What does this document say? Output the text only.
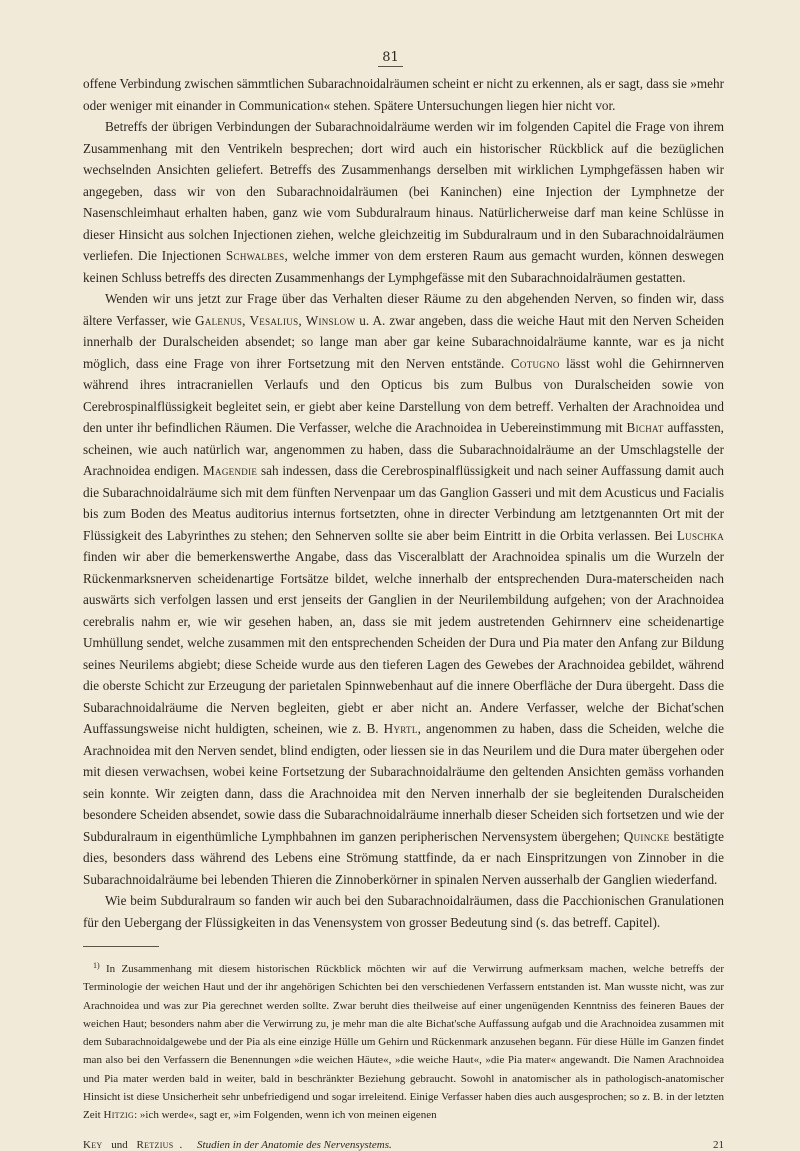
81

offene Verbindung zwischen sämmtlichen Subarachnoidalräumen scheint er nicht zu erkennen, als er sagt, dass sie »mehr oder weniger mit einander in Communication« stehen. Spätere Untersuchungen liegen hier nicht vor.

Betreffs der übrigen Verbindungen der Subarachnoidalräume werden wir im folgenden Capitel die Frage von ihrem Zusammenhang mit den Ventrikeln besprechen; dort wird auch ein historischer Rückblick auf die bezüglichen wechselnden Ansichten geliefert. Betreffs des Zusammenhangs derselben mit wirklichen Lymphgefässen haben wir angegeben, dass wir von den Subarachnoidalräumen (bei Kaninchen) eine Injection der Lymphnetze der Nasenschleimhaut erhalten haben, ganz wie vom Subduralraum hinaus. Natürlicherweise darf man keine Schlüsse in dieser Hinsicht aus solchen Injectionen ziehen, welche gleichzeitig im Subduralraum und in den Subarachnoidalräumen verliefen. Die Injectionen Schwalbes, welche immer von dem ersteren Raum aus gemacht wurden, können deswegen keinen Schluss betreffs des directen Zusammenhangs der Lymphgefässe mit den Subarachnoidalräumen gestatten.

Wenden wir uns jetzt zur Frage über das Verhalten dieser Räume zu den abgehenden Nerven, so finden wir, dass ältere Verfasser, wie Galenus, Vesalius, Winslow u. A. zwar angeben, dass die weiche Haut mit den Nerven Scheiden innerhalb der Duralscheiden absendet; so lange man aber gar keine Subarachnoidalräume kannte, war es ja nicht möglich, dass eine Frage von ihrer Fortsetzung mit den Nerven entstände. Cotugno lässt wohl die Gehirnnerven während ihres intracraniellen Verlaufs und den Opticus bis zum Bulbus von Duralscheiden sowie von Cerebrospinalflüssigkeit begleitet sein, er giebt aber keine Darstellung von dem betreff. Verhalten der Arachnoidea und den unter ihr befindlichen Räumen. Die Verfasser, welche die Arachnoidea in Uebereinstimmung mit Bichat auffassten, scheinen, wie auch natürlich war, angenommen zu haben, dass die Subarachnoidalräume an der Umschlagstelle der Arachnoidea endigen. Magendie sah indessen, dass die Cerebrospinalflüssigkeit und nach seiner Auffassung damit auch die Subarachnoidalräume sich mit dem fünften Nervenpaar um das Ganglion Gasseri und mit dem Acusticus und Facialis bis zum Boden des Meatus auditorius internus fortsetzten, ohne in directer Verbindung am letztgenannten Ort mit der Flüssigkeit des Labyrinthes zu stehen; den Sehnerven sollte sie aber beim Eintritt in die Orbita verlassen. Bei Luschka finden wir aber die bemerkenswerthe Angabe, dass das Visceralblatt der Arachnoidea spinalis um die Wurzeln der Rückenmarksnerven scheidenartige Fortsätze bildet, welche innerhalb der entsprechenden Dura-materscheiden nach auswärts sich verfolgen lassen und erst jenseits der Ganglien in der Neurilembildung aufgehen; von der Arachnoidea cerebralis nahm er, wie wir gesehen haben, an, dass sie mit jedem austretenden Gehirnnerv eine scheidenartige Umhüllung sendet, welche zusammen mit den entsprechenden Scheiden der Dura und Pia mater den Anfang zur Bildung seines Neurilems abgiebt; diese Scheide wurde aus den tieferen Lagen des Gewebes der Arachnoidea gebildet, während die oberste Schicht zur Erzeugung der parietalen Spinnwebenhaut auf die innere Oberfläche der Dura übergeht. Dass die Subarachnoidalräume die Nerven begleiten, giebt er aber nicht an. Andere Verfasser, welche der Bichat'schen Auffassungsweise nicht huldigten, scheinen, wie z. B. Hyrtl, angenommen zu haben, dass die Scheiden, welche die Arachnoidea mit den Nerven sendet, blind endigten, oder liessen sie in das Neurilem und die Dura mater übergehen oder mit diesen verwachsen, wobei keine Fortsetzung der Subarachnoidalräume den geltenden Ansichten gemäss vorhanden sein konnte. Wir zeigten dann, dass die Arachnoidea mit den Nerven innerhalb der sie begleitenden Duralscheiden besondere Scheiden absendet, sowie dass die Subarachnoidalräume innerhalb dieser Scheiden sich fortsetzen und wie der Subduralraum in eigenthümliche Lymphbahnen im ganzen peripherischen Nervensystem übergehen; Quincke bestätigte dies, besonders dass während des Lebens eine Strömung stattfinde, da er nach Einspritzungen von Zinnober in die Subarachnoidalräume bei lebenden Thieren die Zinnoberkörner in spinalen Nerven ausserhalb der Ganglien wiederfand.

Wie beim Subduralraum so fanden wir auch bei den Subarachnoidalräumen, dass die Pacchionischen Granulationen für den Uebergang der Flüssigkeiten in das Venensystem von grosser Bedeutung sind (s. das betreff. Capitel).

$^{1)}$ In Zusammenhang mit diesem historischen Rückblick möchten wir auf die Verwirrung aufmerksam machen, welche betreffs der Terminologie der weichen Haut und der ihr angehörigen Schichten bei den verschiedenen Verfassern entstanden ist. Man wusste nicht, was zur Arachnoidea und was zur Pia gerechnet werden sollte. Zwar beruht dies theilweise auf einer ungenügenden Kenntniss des feineren Baues der weichen Haut; besonders nahm aber die Verwirrung zu, je mehr man die alte Bichat'sche Auffassung aufgab und die Arachnoidea zusammen mit dem Subarachnoidalgewebe und der Pia als eine einzige Hülle um Gehirn und Rückenmark anzusehen begann. Für diese Hülle im Ganzen findet man also bei den Verfassern die Benennungen »die weichen Häute«, »die weiche Haut«, »die Pia mater« angewandt. Die Namen Arachnoidea und Pia mater werden bald in weiter, bald in beschränkter Beziehung gebraucht. Sowohl in anatomischer als in pathologisch-anatomischer Hinsicht ist diese Unsicherheit sehr unbefriedigend und sogar irreleitend. Einige Verfasser haben dies auch ausgesprochen; so z. B. in der letzten Zeit Hitzig: »ich werde«, sagt er, »im Folgenden, wenn ich von meinen eigenen

Key und Retzius . Studien in der Anatomie des Nervensystems.	21
